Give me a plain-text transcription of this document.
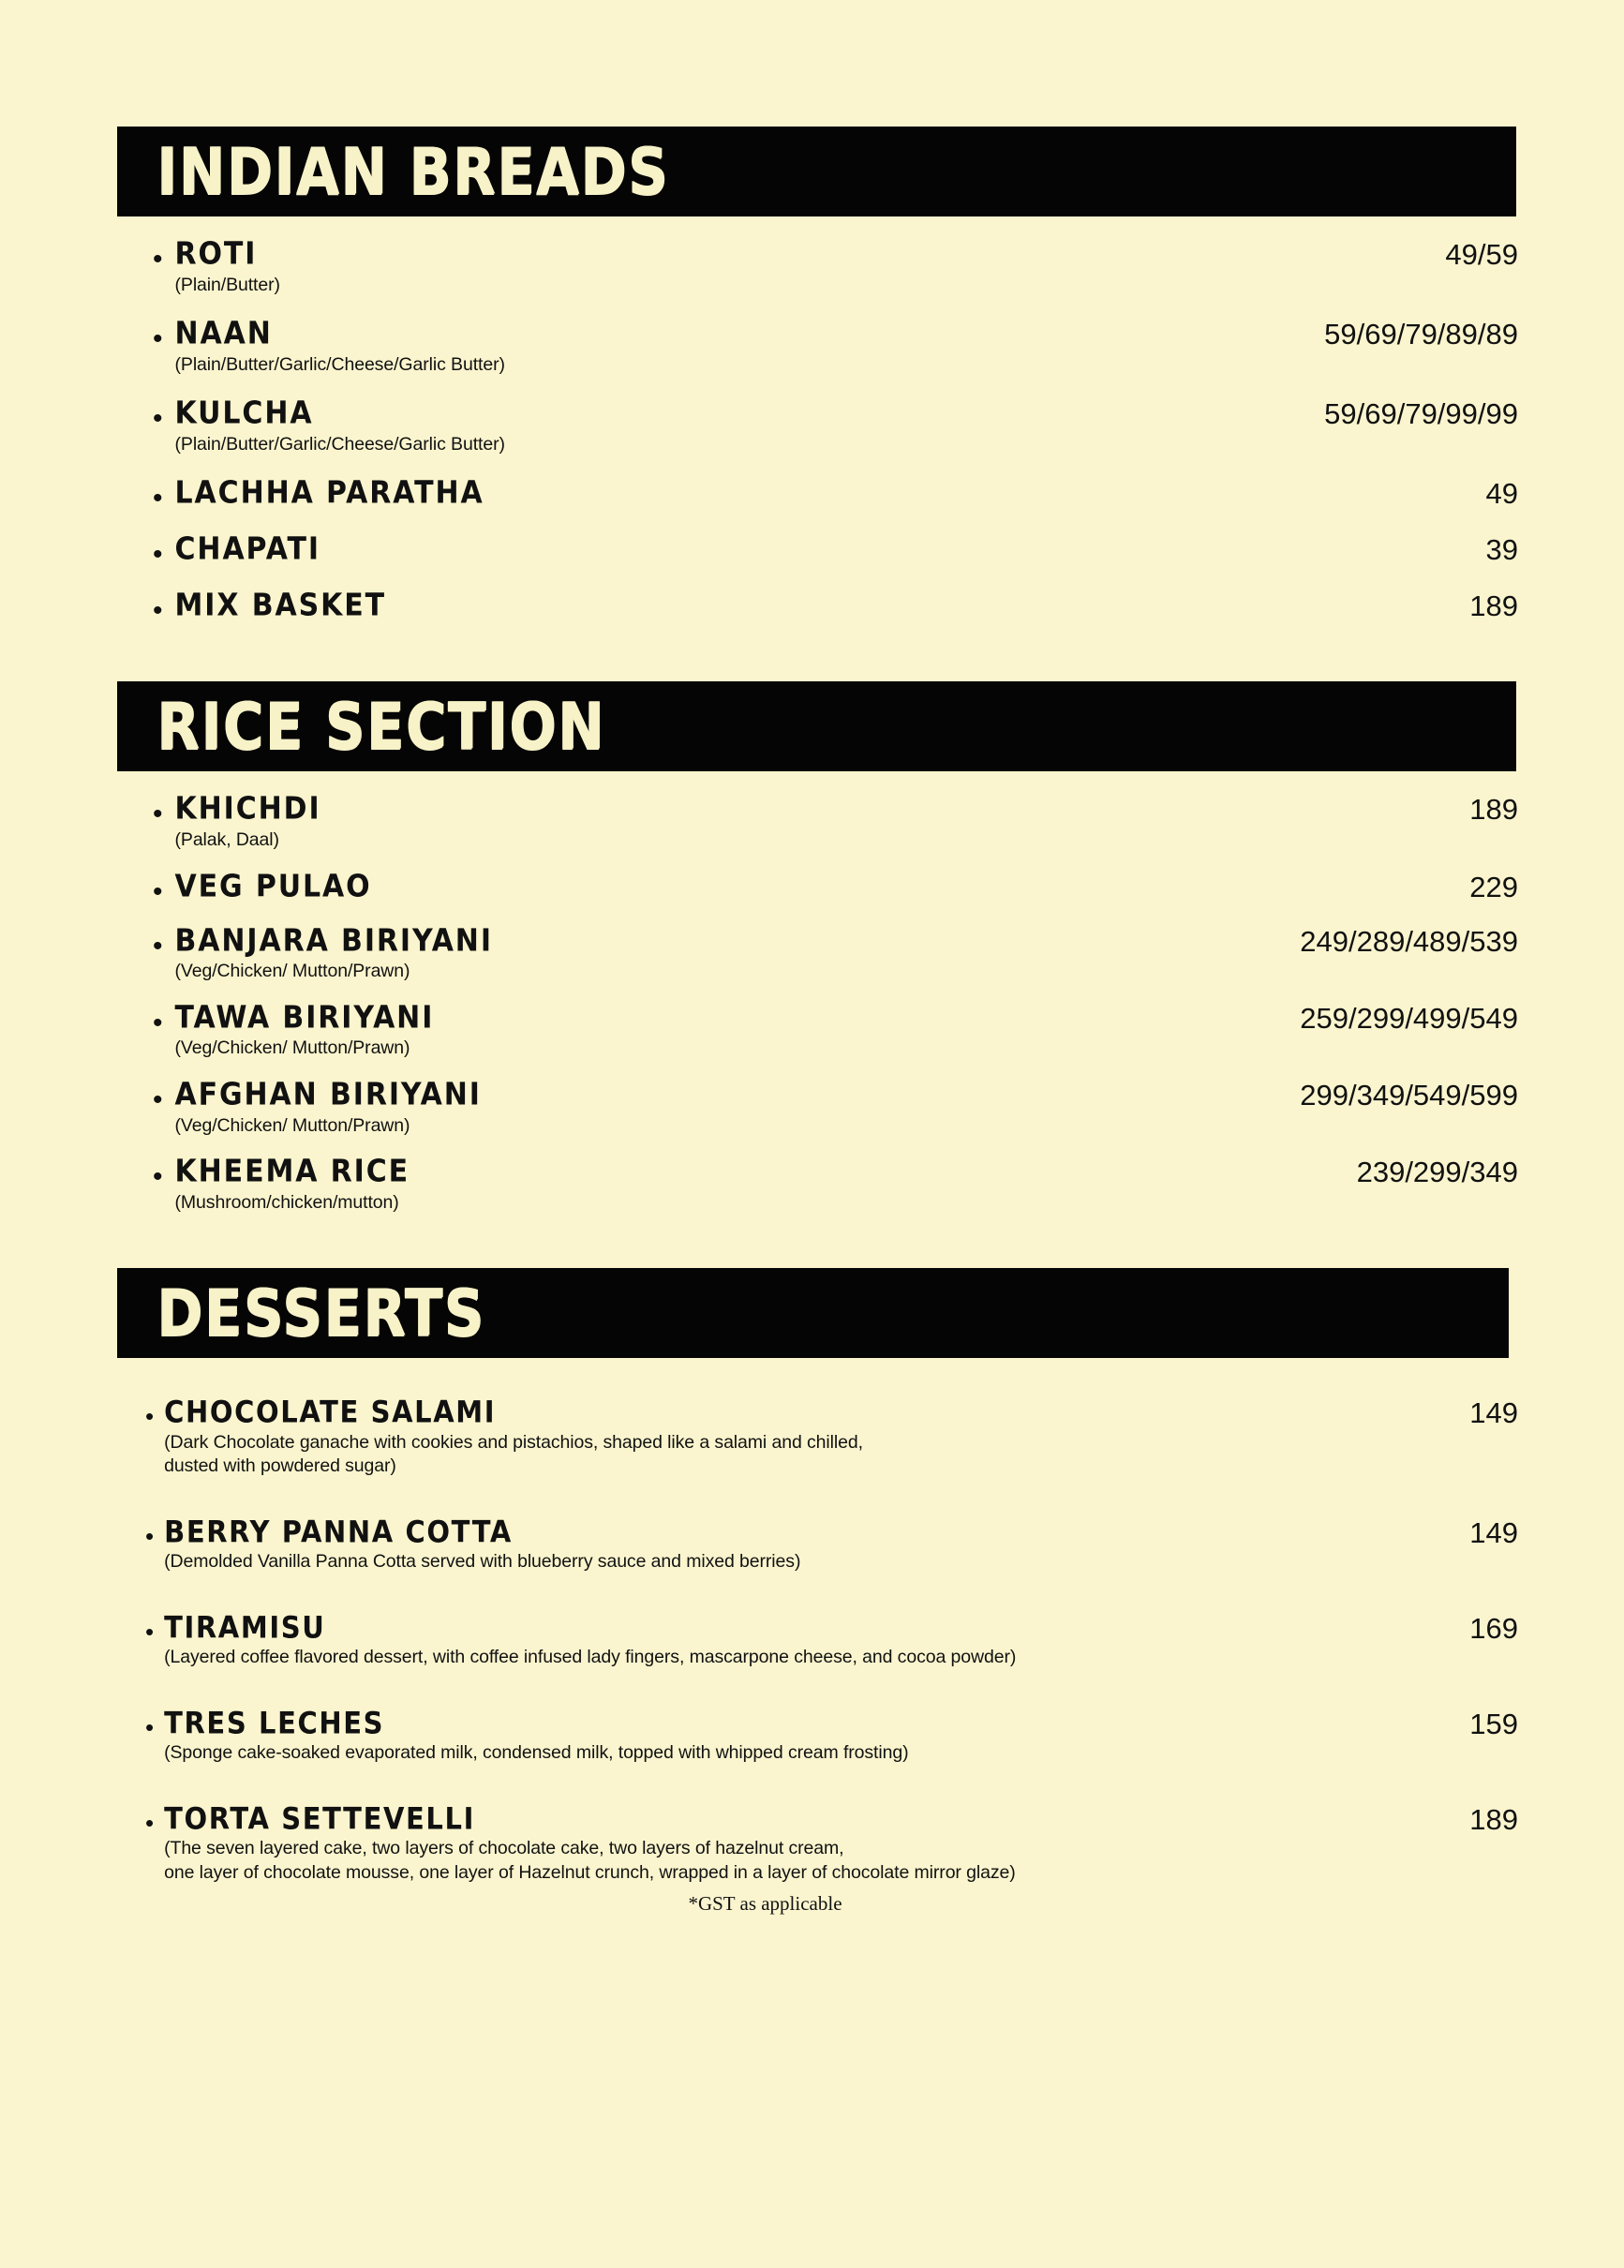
INDIAN BREADS
• ROTI
(Plain/Butter)
49/59
• NAAN
(Plain/Butter/Garlic/Cheese/Garlic Butter)
59/69/79/89/89
• KULCHA
(Plain/Butter/Garlic/Cheese/Garlic Butter)
59/69/79/99/99
• LACHHA PARATHA	49
• CHAPATI	39
• MIX BASKET	189
RICE SECTION
• KHICHDI
(Palak, Daal)
189
• VEG PULAO	229
• BANJARA BIRIYANI
(Veg/Chicken/ Mutton/Prawn)
249/289/489/539
• TAWA BIRIYANI
(Veg/Chicken/ Mutton/Prawn)
259/299/499/549
• AFGHAN BIRIYANI
(Veg/Chicken/ Mutton/Prawn)
299/349/549/599
• KHEEMA RICE
(Mushroom/chicken/mutton)
239/299/349
DESSERTS
• CHOCOLATE SALAMI
(Dark Chocolate ganache with cookies and pistachios, shaped like a salami and chilled,
dusted with powdered sugar)
149
• BERRY PANNA COTTA
(Demolded Vanilla Panna Cotta served with blueberry sauce and mixed berries)
149
• TIRAMISU
(Layered coffee flavored dessert, with coffee infused lady fingers, mascarpone cheese, and cocoa powder)
169
• TRES LECHES
(Sponge cake-soaked evaporated milk, condensed milk, topped with whipped cream frosting)
159
• TORTA SETTEVELLI
(The seven layered cake, two layers of chocolate cake, two layers of hazelnut cream,
one layer of chocolate mousse, one layer of Hazelnut crunch, wrapped in a layer of chocolate mirror glaze)
189
*GST as applicable
